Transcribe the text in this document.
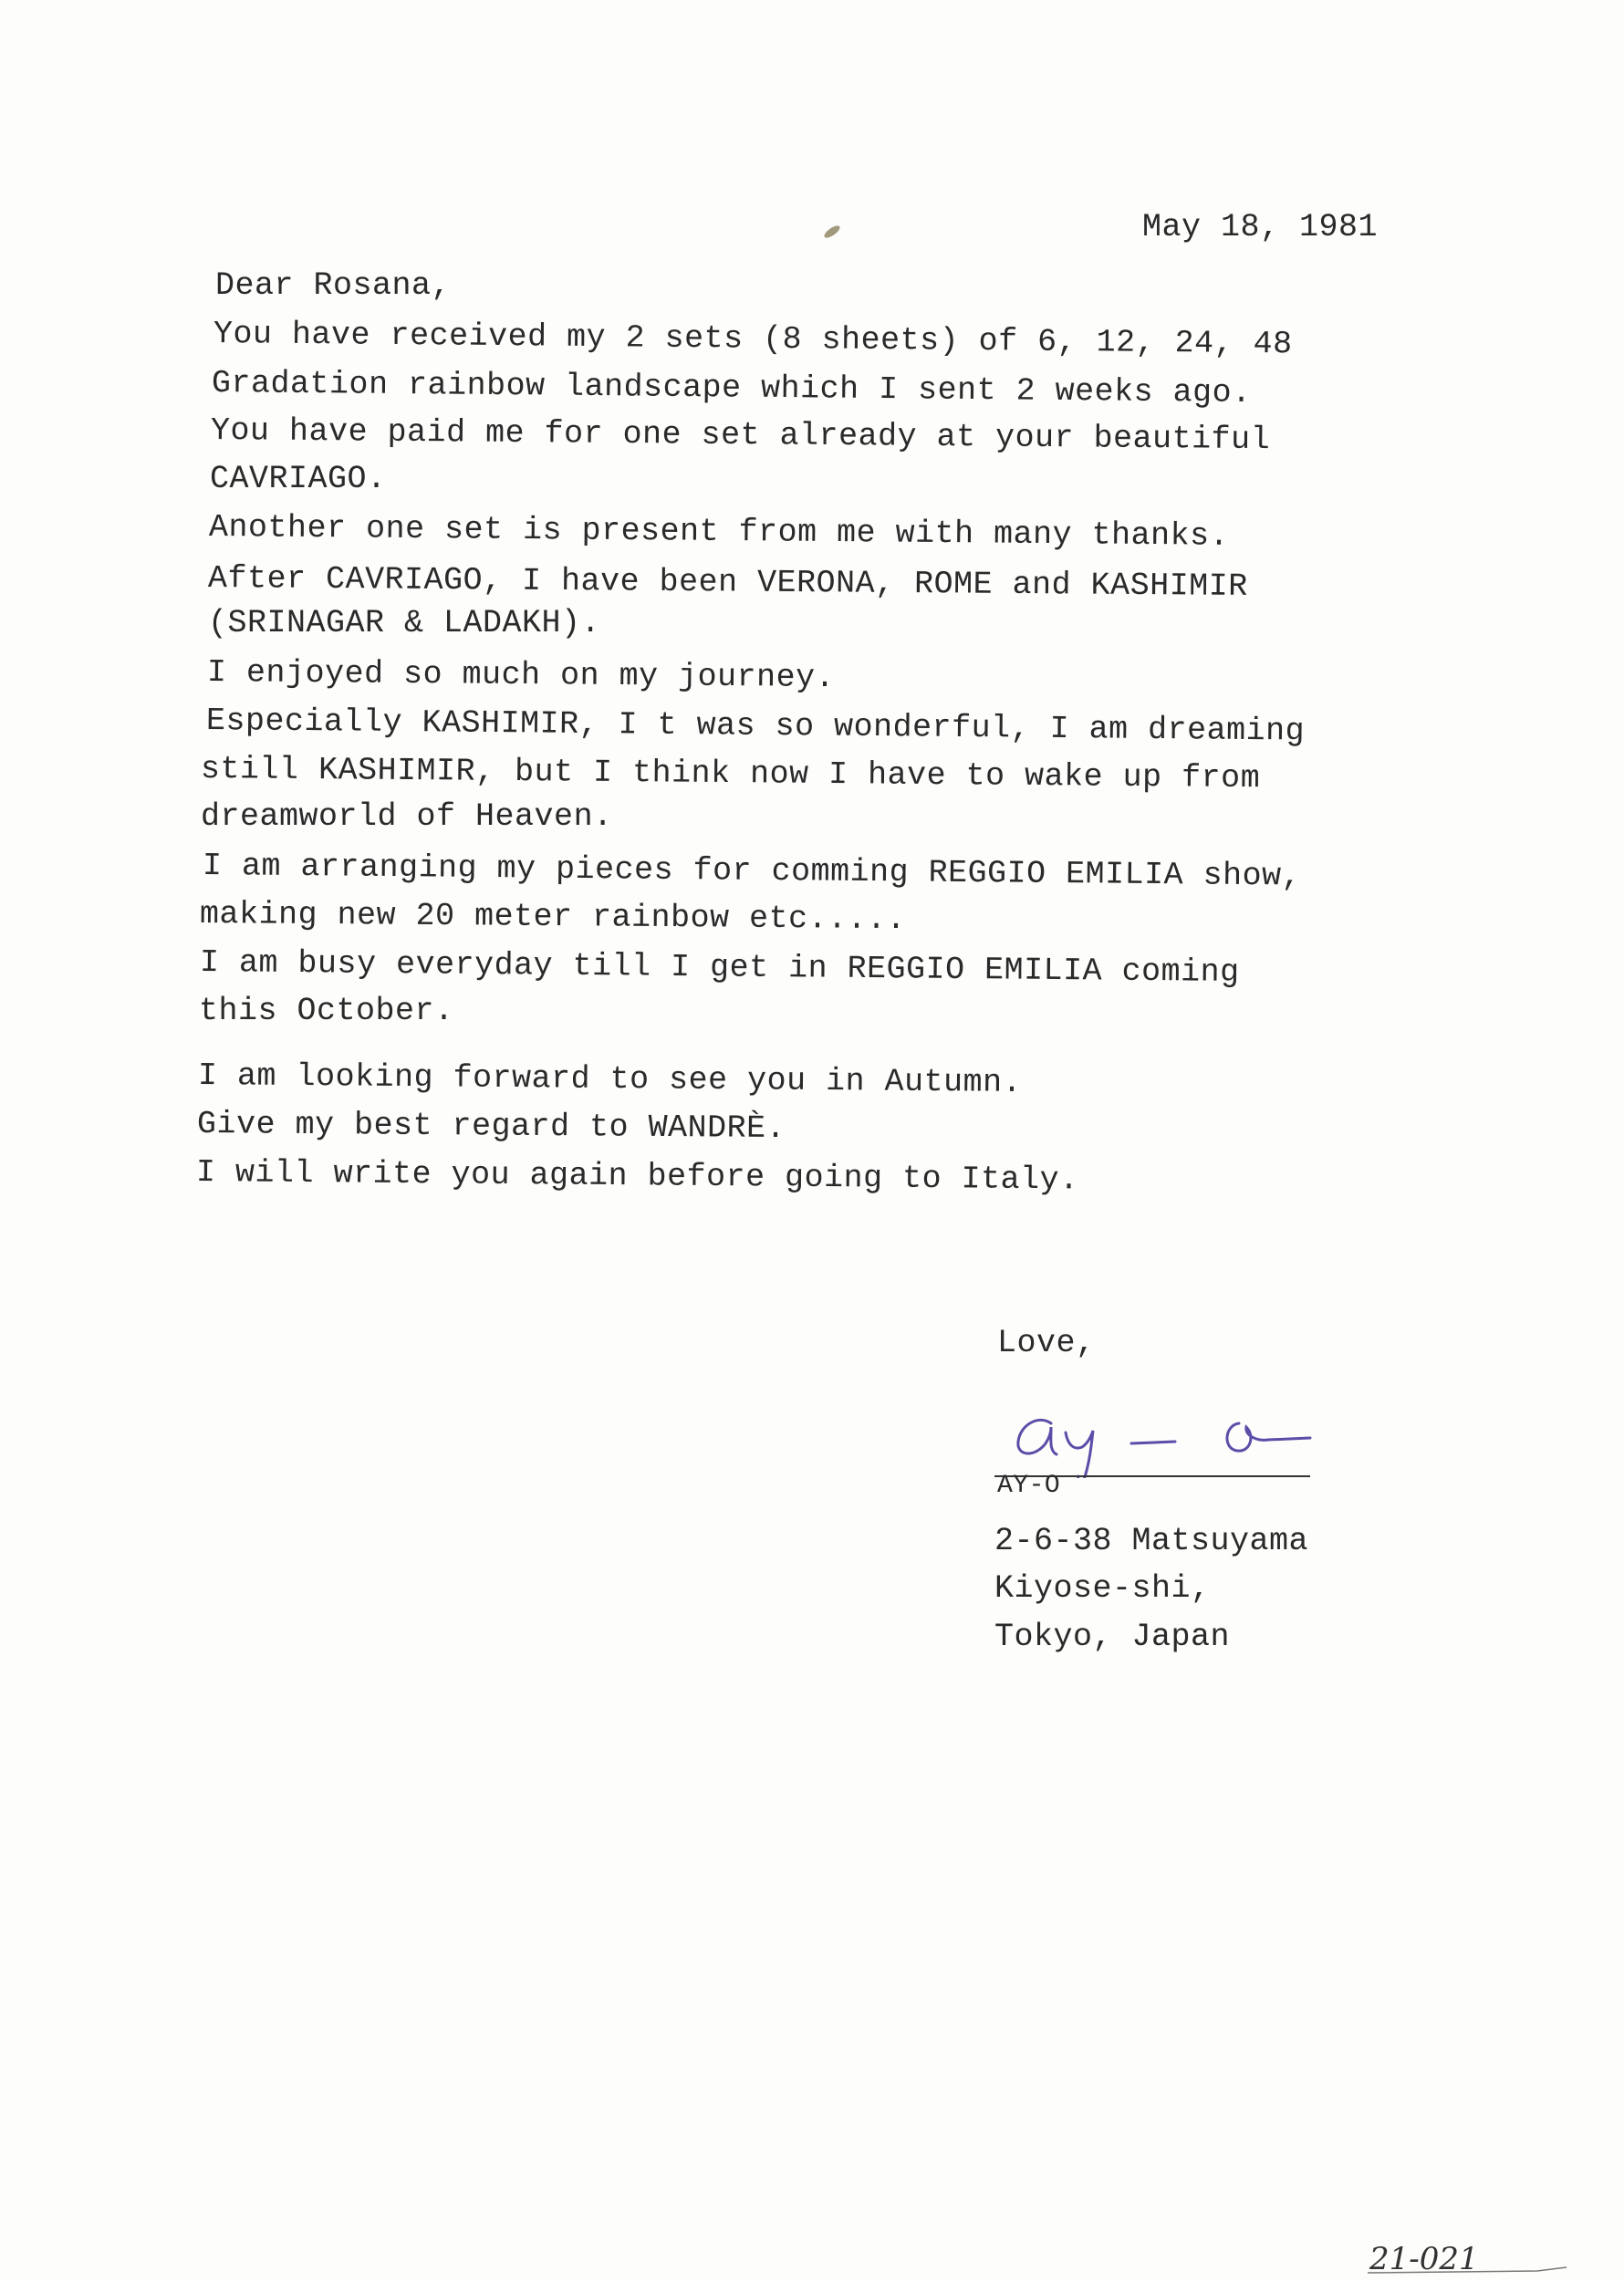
May 18, 1981
Dear Rosana,
You have received my 2 sets (8 sheets) of 6, 12, 24, 48
Gradation rainbow landscape which I sent 2 weeks ago.
You have paid me for one set already at your beautiful
CAVRIAGO.
Another one set is present from me with many thanks.
After CAVRIAGO, I have been VERONA, ROME and KASHIMIR
(SRINAGAR & LADAKH).
I enjoyed so much on my journey.
Especially KASHIMIR, I t was so wonderful, I am dreaming
still KASHIMIR, but I think now I have to wake up from
dreamworld of Heaven.
I am arranging my pieces for comming REGGIO EMILIA show,
making new 20 meter rainbow etc.....
I am busy everyday till I get in REGGIO EMILIA coming
this October.
I am looking forward to see you in Autumn.
Give my best regard to WANDRÈ.
I will write you again before going to Italy.
Love,
AY-O
2-6-38 Matsuyama
Kiyose-shi,
Tokyo, Japan
21-021
